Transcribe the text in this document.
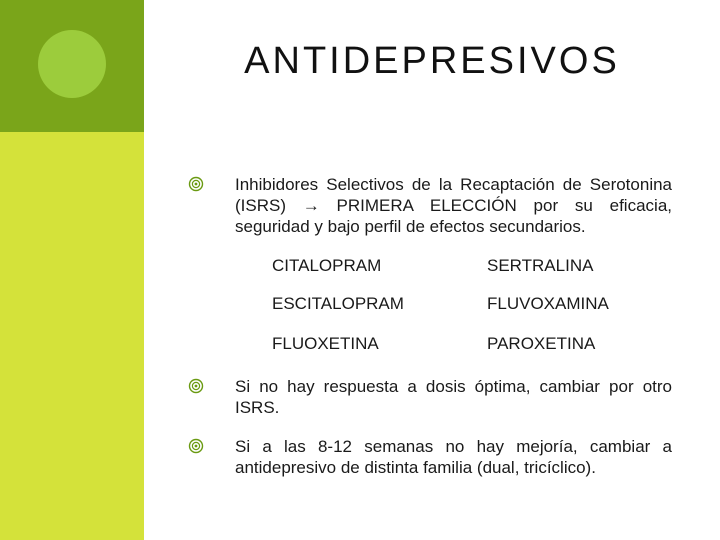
ANTIDEPRESIVOS
Inhibidores Selectivos de la Recaptación de Serotonina (ISRS) → PRIMERA ELECCIÓN por su eficacia, seguridad y bajo perfil de efectos secundarios.
CITALOPRAM
ESCITALOPRAM
FLUOXETINA
SERTRALINA
FLUVOXAMINA
PAROXETINA
Si no hay respuesta a dosis óptima, cambiar por otro ISRS.
Si a las 8-12 semanas no hay mejoría, cambiar a antidepresivo de distinta familia (dual, tricíclico).
